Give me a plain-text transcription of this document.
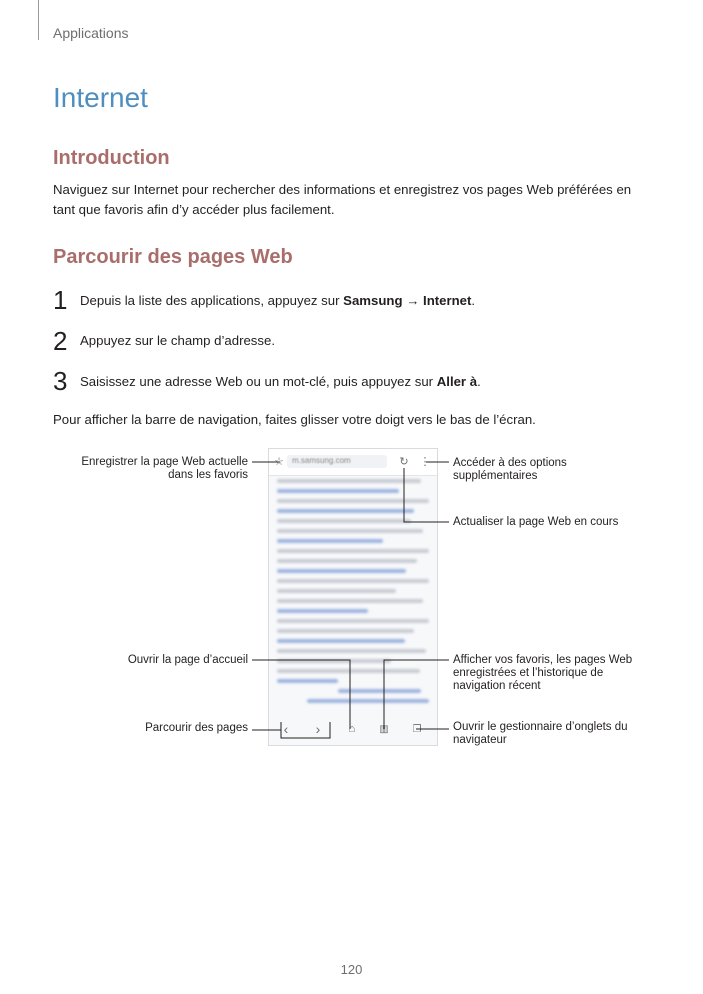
Applications
Internet
Introduction
Naviguez sur Internet pour rechercher des informations et enregistrez vos pages Web préférées en tant que favoris afin d’y accéder plus facilement.
Parcourir des pages Web
1 Depuis la liste des applications, appuyez sur Samsung → Internet.
2 Appuyez sur le champ d’adresse.
3 Saisissez une adresse Web ou un mot-clé, puis appuyez sur Aller à.
Pour afficher la barre de navigation, faites glisser votre doigt vers le bas de l’écran.
☆ m.samsung.com	↻ ⋮
‹	›	⌂	▥	❐
Enregistrer la page Web actuelle
dans les favoris
Ouvrir la page d’accueil
Parcourir des pages
Accéder à des options
supplémentaires
Actualiser la page Web en cours
Afficher vos favoris, les pages Web
enregistrées et l’historique de
navigation récent
Ouvrir le gestionnaire d’onglets du
navigateur
120
